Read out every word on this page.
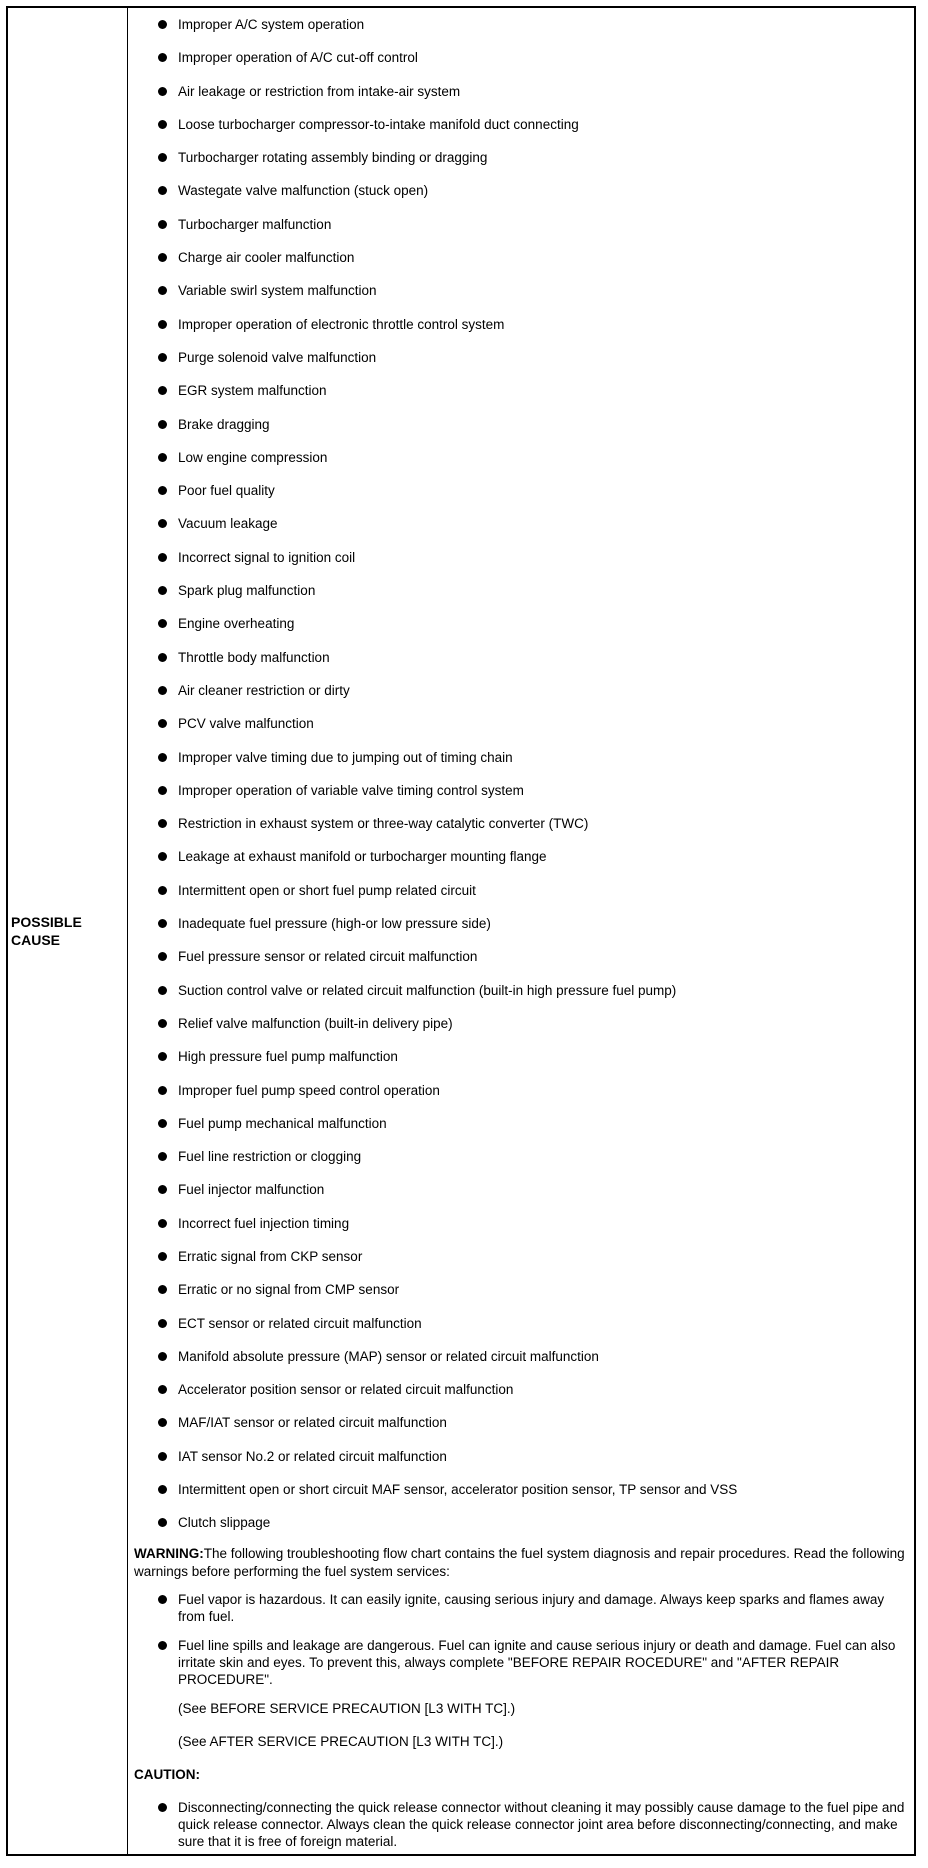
POSSIBLE
CAUSE
Improper A/C system operation
Improper operation of A/C cut-off control
Air leakage or restriction from intake-air system
Loose turbocharger compressor-to-intake manifold duct connecting
Turbocharger rotating assembly binding or dragging
Wastegate valve malfunction (stuck open)
Turbocharger malfunction
Charge air cooler malfunction
Variable swirl system malfunction
Improper operation of electronic throttle control system
Purge solenoid valve malfunction
EGR system malfunction
Brake dragging
Low engine compression
Poor fuel quality
Vacuum leakage
Incorrect signal to ignition coil
Spark plug malfunction
Engine overheating
Throttle body malfunction
Air cleaner restriction or dirty
PCV valve malfunction
Improper valve timing due to jumping out of timing chain
Improper operation of variable valve timing control system
Restriction in exhaust system or three-way catalytic converter (TWC)
Leakage at exhaust manifold or turbocharger mounting flange
Intermittent open or short fuel pump related circuit
Inadequate fuel pressure (high-or low pressure side)
Fuel pressure sensor or related circuit malfunction
Suction control valve or related circuit malfunction (built-in high pressure fuel pump)
Relief valve malfunction (built-in delivery pipe)
High pressure fuel pump malfunction
Improper fuel pump speed control operation
Fuel pump mechanical malfunction
Fuel line restriction or clogging
Fuel injector malfunction
Incorrect fuel injection timing
Erratic signal from CKP sensor
Erratic or no signal from CMP sensor
ECT sensor or related circuit malfunction
Manifold absolute pressure (MAP) sensor or related circuit malfunction
Accelerator position sensor or related circuit malfunction
MAF/IAT sensor or related circuit malfunction
IAT sensor No.2 or related circuit malfunction
Intermittent open or short circuit MAF sensor, accelerator position sensor, TP sensor and VSS
Clutch slippage
WARNING:The following troubleshooting flow chart contains the fuel system diagnosis and repair procedures. Read the following warnings before performing the fuel system services:
Fuel vapor is hazardous. It can easily ignite, causing serious injury and damage. Always keep sparks and flames away from fuel.
Fuel line spills and leakage are dangerous. Fuel can ignite and cause serious injury or death and damage. Fuel can also irritate skin and eyes. To prevent this, always complete "BEFORE REPAIR ROCEDURE" and "AFTER REPAIR PROCEDURE".
(See BEFORE SERVICE PRECAUTION [L3 WITH TC].)
(See AFTER SERVICE PRECAUTION [L3 WITH TC].)
CAUTION:
Disconnecting/connecting the quick release connector without cleaning it may possibly cause damage to the fuel pipe and quick release connector. Always clean the quick release connector joint area before disconnecting/connecting, and make sure that it is free of foreign material.
